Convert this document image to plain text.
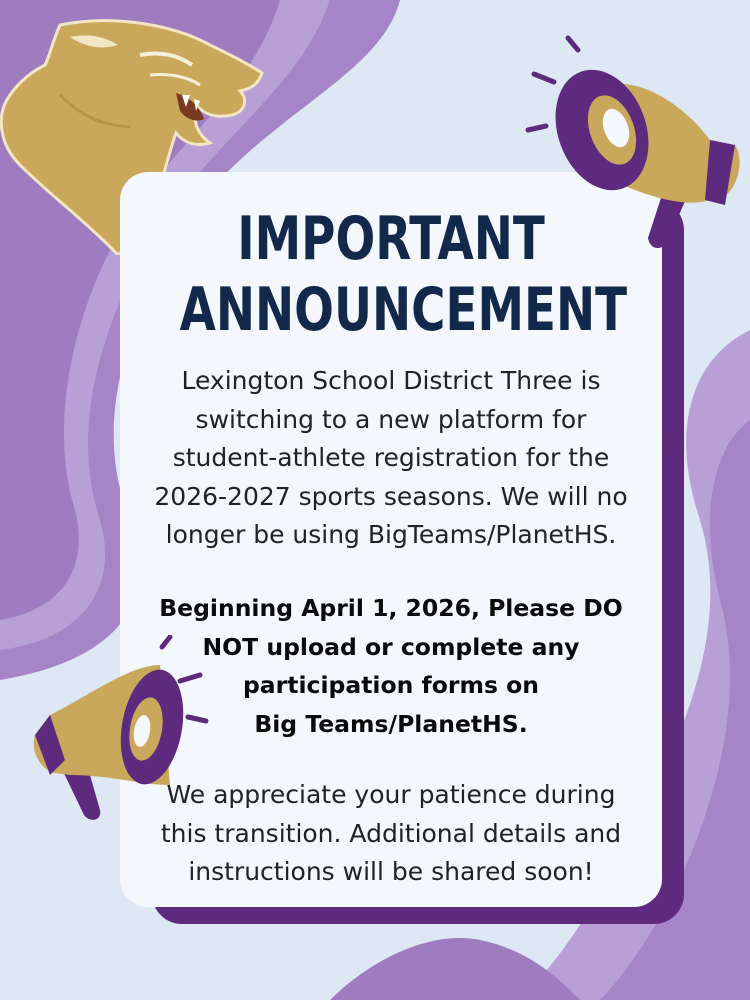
IMPORTANT
ANNOUNCEMENT

Lexington School District Three is
switching to a new platform for
student-athlete registration for the
2026-2027 sports seasons. We will no
longer be using BigTeams/PlanetHS.

Beginning April 1, 2026, Please DO
NOT upload or complete any
participation forms on
Big Teams/PlanetHS.

We appreciate your patience during
this transition. Additional details and
instructions will be shared soon!
